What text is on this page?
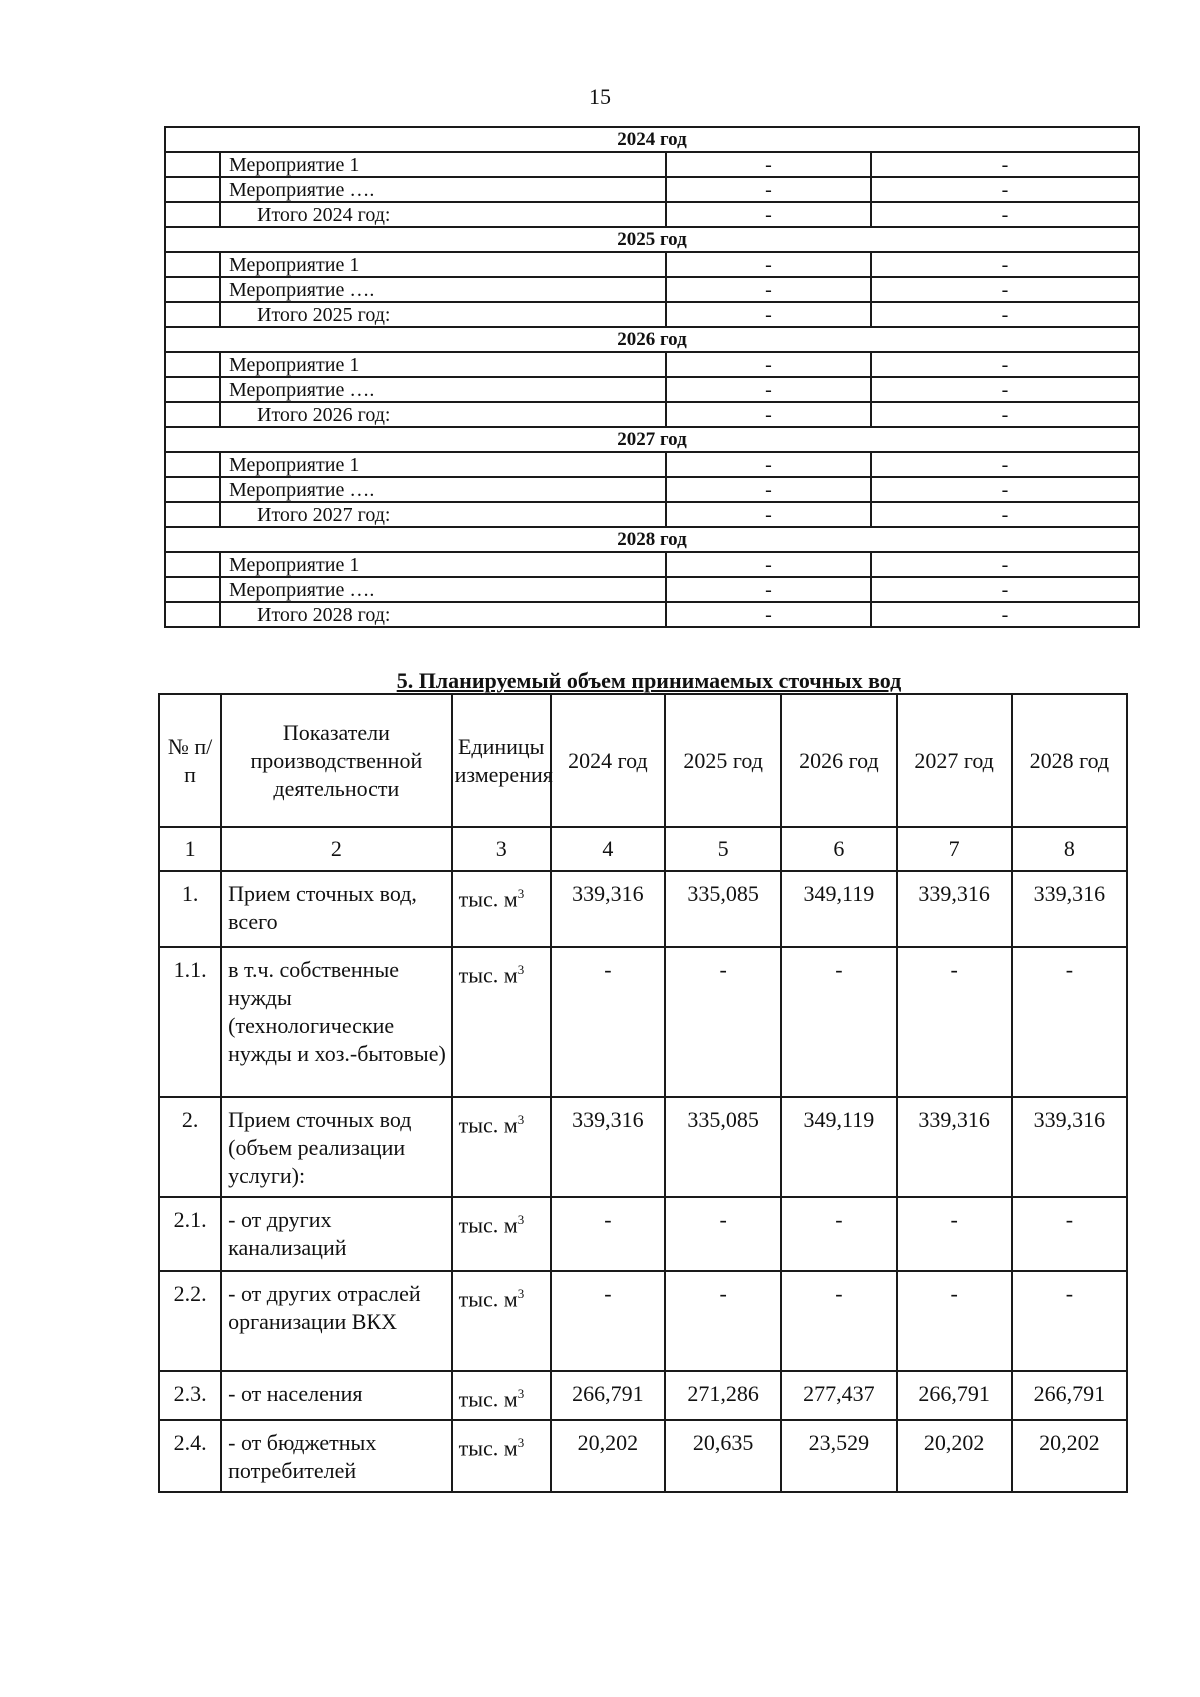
15
2024 год			
	Мероприятие 1	-	-
	Мероприятие ….	-	-
	Итого 2024 год:	-	-
2025 год			
	Мероприятие 1	-	-
	Мероприятие ….	-	-
	Итого 2025 год:	-	-
2026 год			
	Мероприятие 1	-	-
	Мероприятие ….	-	-
	Итого 2026 год:	-	-
2027 год			
	Мероприятие 1	-	-
	Мероприятие ….	-	-
	Итого 2027 год:	-	-
2028 год			
	Мероприятие 1	-	-
	Мероприятие ….	-	-
	Итого 2028 год:	-	-
5. Планируемый объем принимаемых сточных вод
№ п/п	Показатели производственной деятельности	Единицы измерения	2024 год	2025 год	2026 год	2027 год	2028 год
1	2	3	4	5	6	7	8
1.	Прием сточных вод, всего	тыс. $м^3$	339,316	335,085	349,119	339,316	339,316
1.1.	в т.ч. собственные нужды (технологические нужды и хоз.-бытовые)	тыс. $м^3$	-	-	-	-	-
2.	Прием сточных вод (объем реализации услуги):	тыс. $м^3$	339,316	335,085	349,119	339,316	339,316
2.1.	- от других канализаций	тыс. $м^3$	-	-	-	-	-
2.2.	- от других отраслей организации ВКХ	тыс. $м^3$	-	-	-	-	-
2.3.	- от населения	тыс. $м^3$	266,791	271,286	277,437	266,791	266,791
2.4.	- от бюджетных потребителей	тыс. $м^3$	20,202	20,635	23,529	20,202	20,202
